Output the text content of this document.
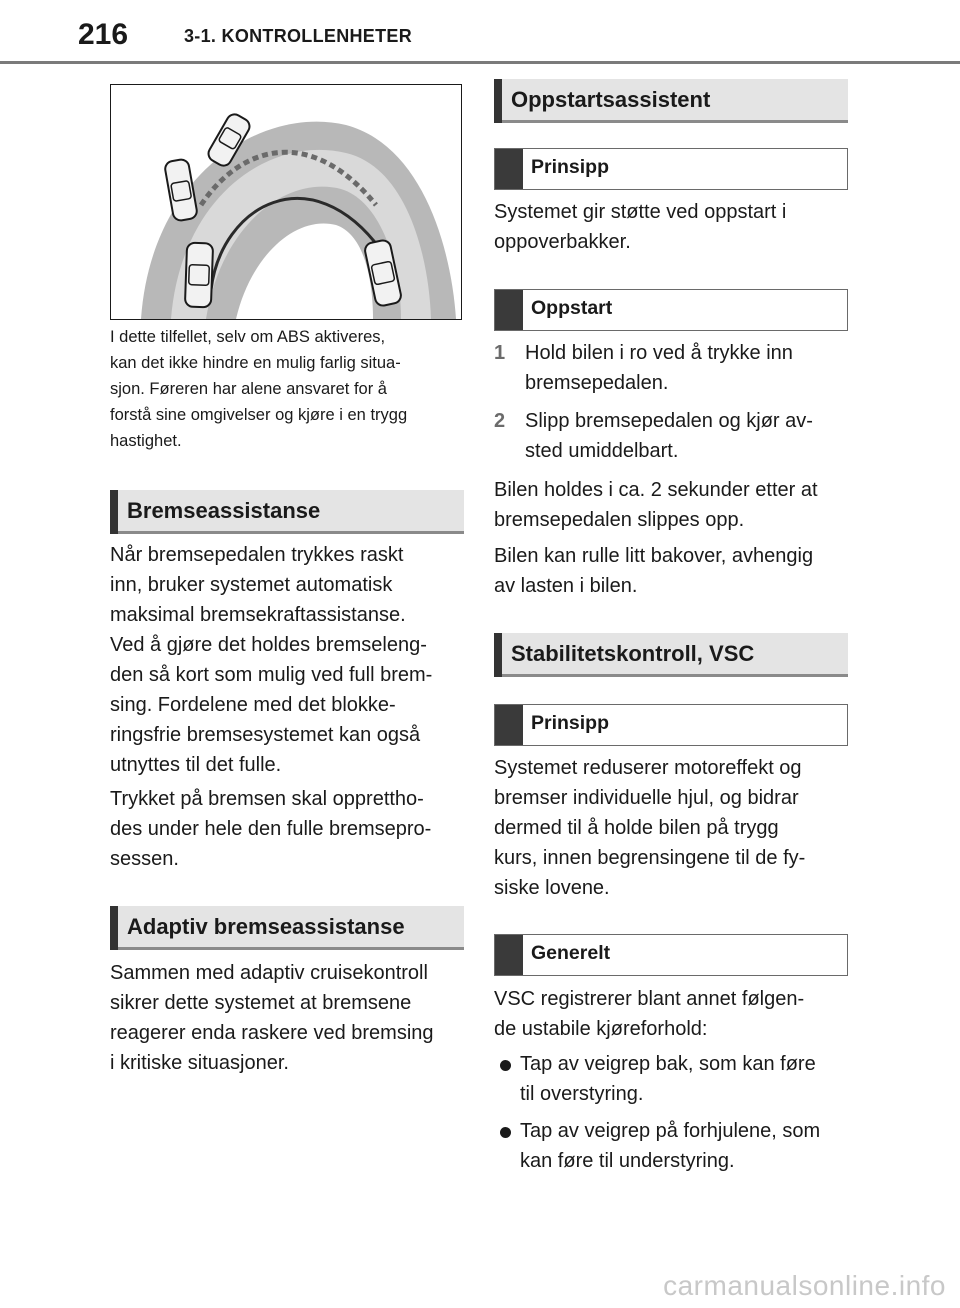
216	3-1. KONTROLLENHETER
I dette tilfellet, selv om ABS aktiveres,
kan det ikke hindre en mulig farlig situa-
sjon. Føreren har alene ansvaret for å
forstå sine omgivelser og kjøre i en trygg
hastighet.
Bremseassistanse
Når bremsepedalen trykkes raskt
inn, bruker systemet automatisk
maksimal bremsekraftassistanse.
Ved å gjøre det holdes bremseleng-
den så kort som mulig ved full brem-
sing. Fordelene med det blokke-
ringsfrie bremsesystemet kan også
utnyttes til det fulle.
Trykket på bremsen skal opprettho-
des under hele den fulle bremsepro-
sessen.
Adaptiv bremseassistanse
Sammen med adaptiv cruisekontroll
sikrer dette systemet at bremsene
reagerer enda raskere ved bremsing
i kritiske situasjoner.
Oppstartsassistent
Prinsipp
Systemet gir støtte ved oppstart i
oppoverbakker.
Oppstart
1 Hold bilen i ro ved å trykke inn
bremsepedalen.
2 Slipp bremsepedalen og kjør av-
sted umiddelbart.
Bilen holdes i ca. 2 sekunder etter at
bremsepedalen slippes opp.
Bilen kan rulle litt bakover, avhengig
av lasten i bilen.
Stabilitetskontroll, VSC
Prinsipp
Systemet reduserer motoreffekt og
bremser individuelle hjul, og bidrar
dermed til å holde bilen på trygg
kurs, innen begrensingene til de fy-
siske lovene.
Generelt
VSC registrerer blant annet følgen-
de ustabile kjøreforhold:
Tap av veigrep bak, som kan føre
til overstyring.
Tap av veigrep på forhjulene, som
kan føre til understyring.
carmanualsonline.info
